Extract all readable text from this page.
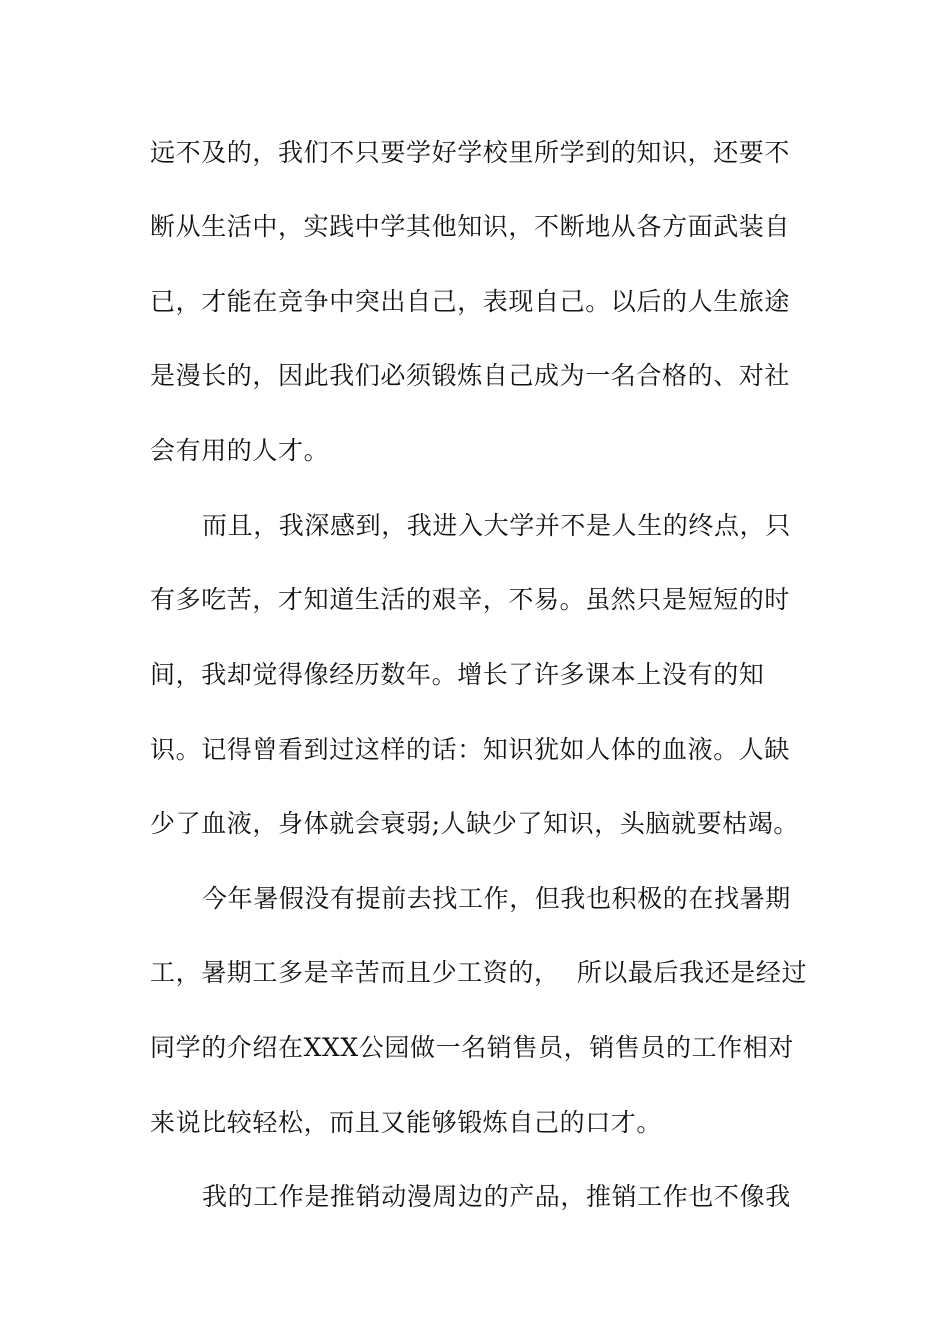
远不及的，我们不只要学好学校里所学到的知识，还要不
断从生活中，实践中学其他知识，不断地从各方面武装自
已，才能在竞争中突出自己，表现自己。以后的人生旅途
是漫长的，因此我们必须锻炼自己成为一名合格的、对社
会有用的人才。
而且，我深感到，我进入大学并不是人生的终点，只
有多吃苦，才知道生活的艰辛，不易。虽然只是短短的时
间，我却觉得像经历数年。增长了许多课本上没有的知
识。记得曾看到过这样的话：知识犹如人体的血液。人缺
少了血液，身体就会衰弱;人缺少了知识，头脑就要枯竭。
今年暑假没有提前去找工作，但我也积极的在找暑期
工，暑期工多是辛苦而且少工资的，  所以最后我还是经过
同学的介绍在XXX公园做一名销售员，销售员的工作相对
来说比较轻松，而且又能够锻炼自己的口才。
我的工作是推销动漫周边的产品，推销工作也不像我
